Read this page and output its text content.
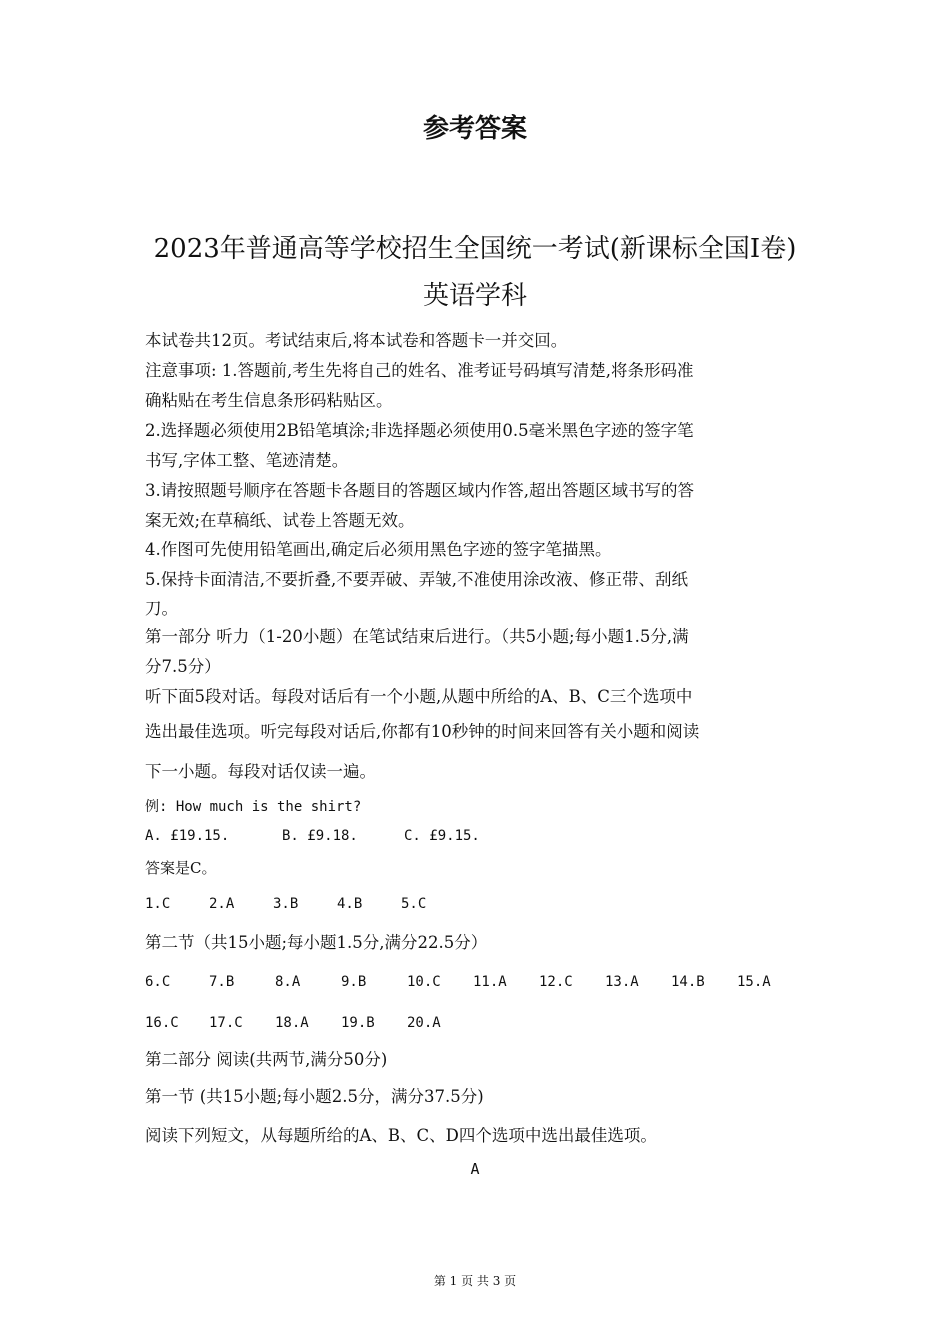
参考答案
2023年普通高等学校招生全国统一考试(新课标全国Ⅰ卷)
英语学科

本试卷共12页。考试结束后,将本试卷和答题卡一并交回。

注意事项: 1.答题前,考生先将自己的姓名、准考证号码填写清楚,将条形码准

确粘贴在考生信息条形码粘贴区。

2.选择题必须使用2B铅笔填涂;非选择题必须使用0.5毫米黑色字迹的签字笔

书写,字体工整、笔迹清楚。

3.请按照题号顺序在答题卡各题目的答题区域内作答,超出答题区域书写的答

案无效;在草稿纸、试卷上答题无效。

4.作图可先使用铅笔画出,确定后必须用黑色字迹的签字笔描黑。

5.保持卡面清洁,不要折叠,不要弄破、弄皱,不准使用涂改液、修正带、刮纸

刀。

第一部分 听力（1-20小题）在笔试结束后进行。（共5小题;每小题1.5分,满

分7.5分）

听下面5段对话。每段对话后有一个小题,从题中所给的A、B、C三个选项中

选出最佳选项。听完每段对话后,你都有10秒钟的时间来回答有关小题和阅读

下一小题。每段对话仅读一遍。

例: How much is the shirt?

A. £19.15.	B. £9.18.	C. £9.15.

答案是C。

1.C	2.A	3.B	4.B	5.C

第二节（共15小题;每小题1.5分,满分22.5分）

6.C	7.B	8.A	9.B	10.C	11.A	12.C	13.A	14.B	15.A
16.C	17.C	18.A	19.B	20.A

第二部分 阅读(共两节,满分50分)

第一节 (共15小题;每小题2.5分，满分37.5分)

阅读下列短文，从每题所给的A、B、C、D四个选项中选出最佳选项。

A

第 1 页 共 3 页
